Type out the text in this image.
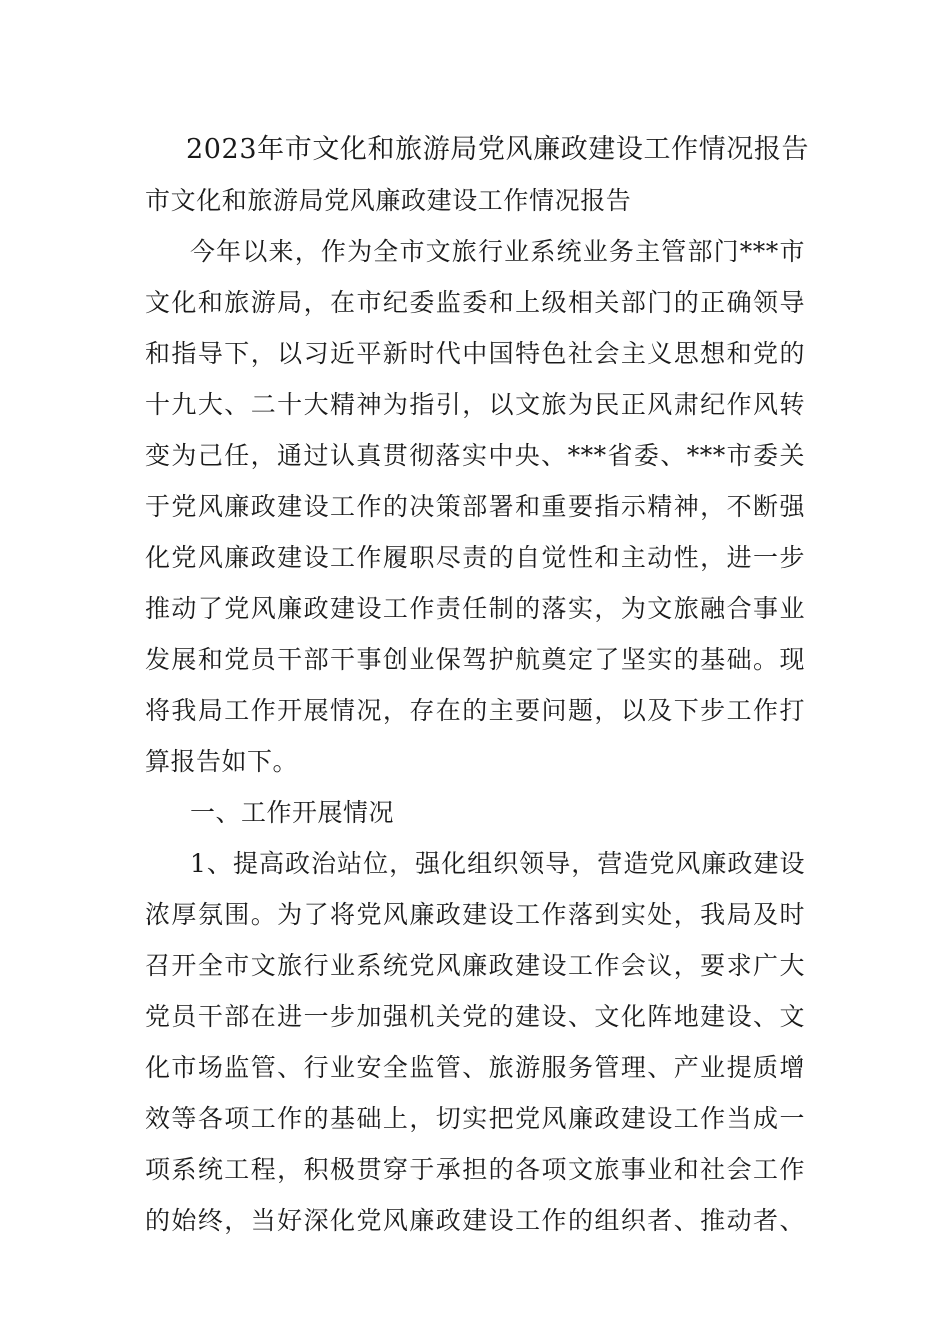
2023年市文化和旅游局党风廉政建设工作情况报告
市文化和旅游局党风廉政建设工作情况报告
今年以来，作为全市文旅行业系统业务主管部门***市
文化和旅游局，在市纪委监委和上级相关部门的正确领导
和指导下，以习近平新时代中国特色社会主义思想和党的
十九大、二十大精神为指引，以文旅为民正风肃纪作风转
变为己任，通过认真贯彻落实中央、***省委、***市委关
于党风廉政建设工作的决策部署和重要指示精神，不断强
化党风廉政建设工作履职尽责的自觉性和主动性，进一步
推动了党风廉政建设工作责任制的落实，为文旅融合事业
发展和党员干部干事创业保驾护航奠定了坚实的基础。现
将我局工作开展情况，存在的主要问题，以及下步工作打
算报告如下。
一、工作开展情况
1、提高政治站位，强化组织领导，营造党风廉政建设
浓厚氛围。为了将党风廉政建设工作落到实处，我局及时
召开全市文旅行业系统党风廉政建设工作会议，要求广大
党员干部在进一步加强机关党的建设、文化阵地建设、文
化市场监管、行业安全监管、旅游服务管理、产业提质增
效等各项工作的基础上，切实把党风廉政建设工作当成一
项系统工程，积极贯穿于承担的各项文旅事业和社会工作
的始终，当好深化党风廉政建设工作的组织者、推动者、
